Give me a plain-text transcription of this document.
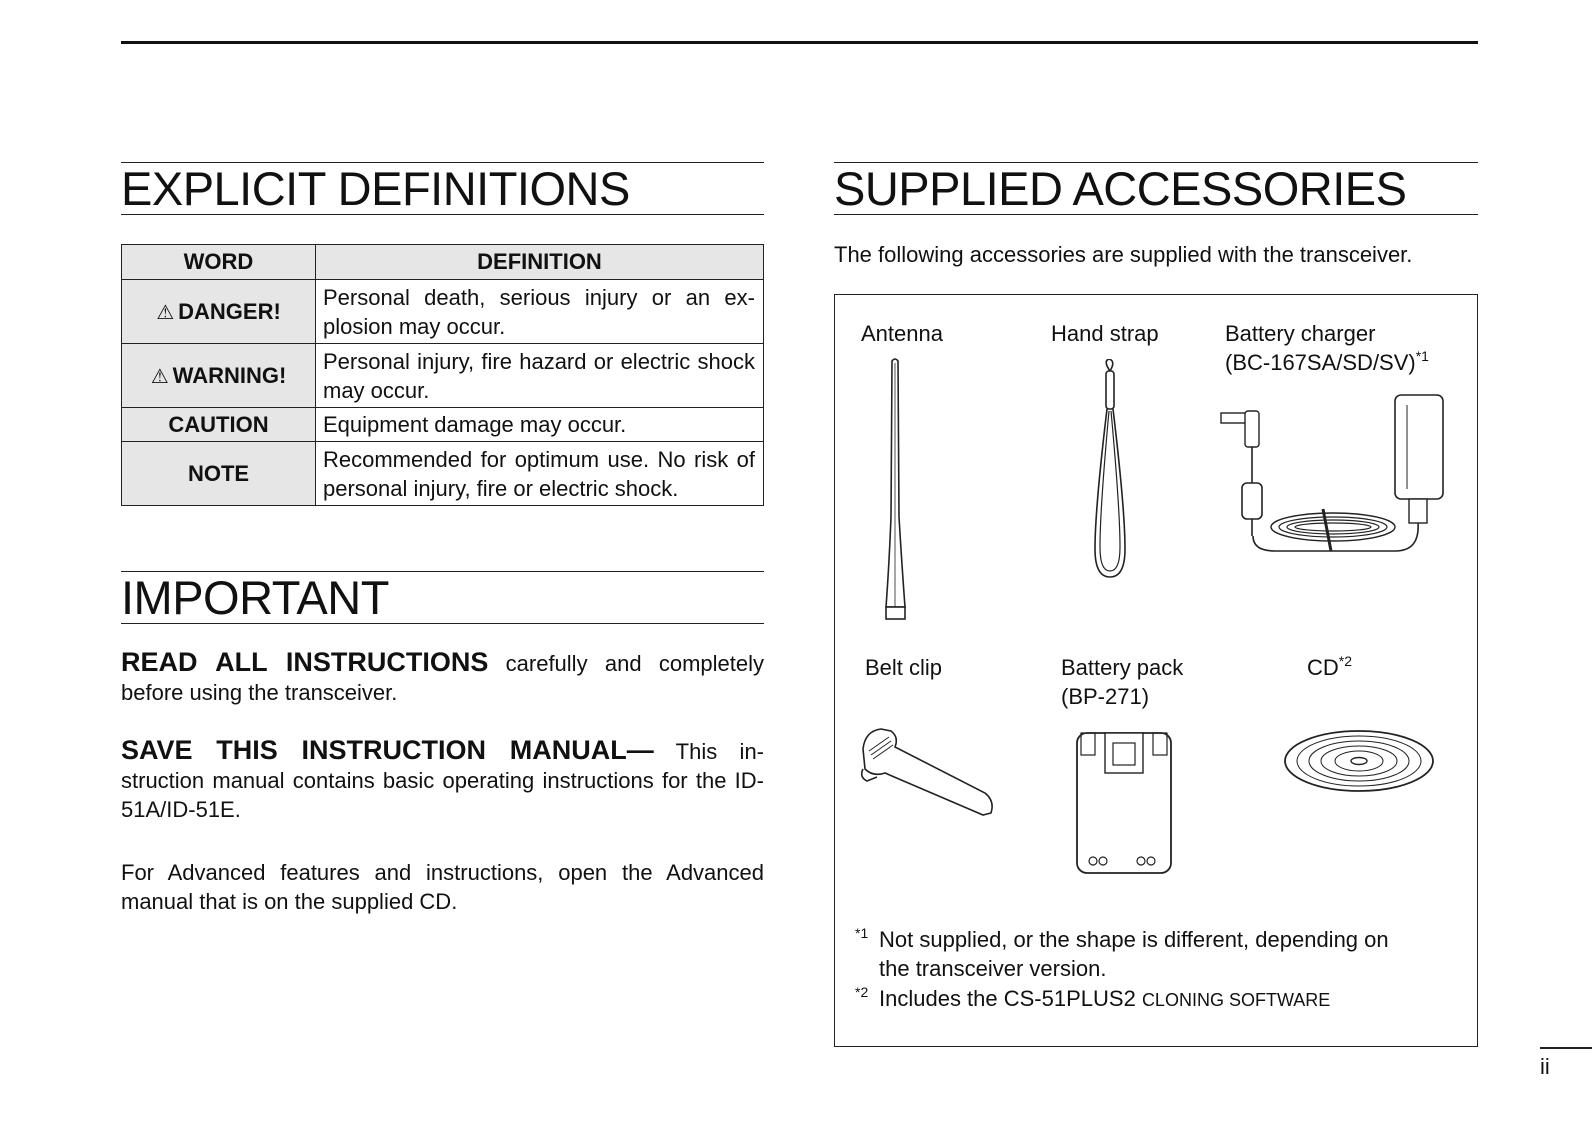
EXPLICIT DEFINITIONS
WORD	DEFINITION
⚠ DANGER!	Personal death, serious injury or an ex-plosion may occur.
⚠ WARNING!	Personal injury, fire hazard or electric shock may occur.
CAUTION	Equipment damage may occur.
NOTE	Recommended for optimum use. No risk of personal injury, fire or electric shock.
IMPORTANT

READ ALL INSTRUCTIONS carefully and completely before using the transceiver.

SAVE THIS INSTRUCTION MANUAL— This in-struction manual contains basic operating instructions for the ID-51A/ID-51E.

For Advanced features and instructions, open the Advanced manual that is on the supplied CD.

SUPPLIED ACCESSORIES

The following accessories are supplied with the transceiver.

Antenna	Hand strap	Battery charger
$(BC-167SA/SD/SV)^{*1}$
Belt clip	Battery pack
(BP-271)
CD$^{*2}$
$^{*1}$ Not supplied, or the shape is different, depending on
the transceiver version.
$^{*2}$ Includes the CS-51PLUS2 CLONING SOFTWARE
ii
